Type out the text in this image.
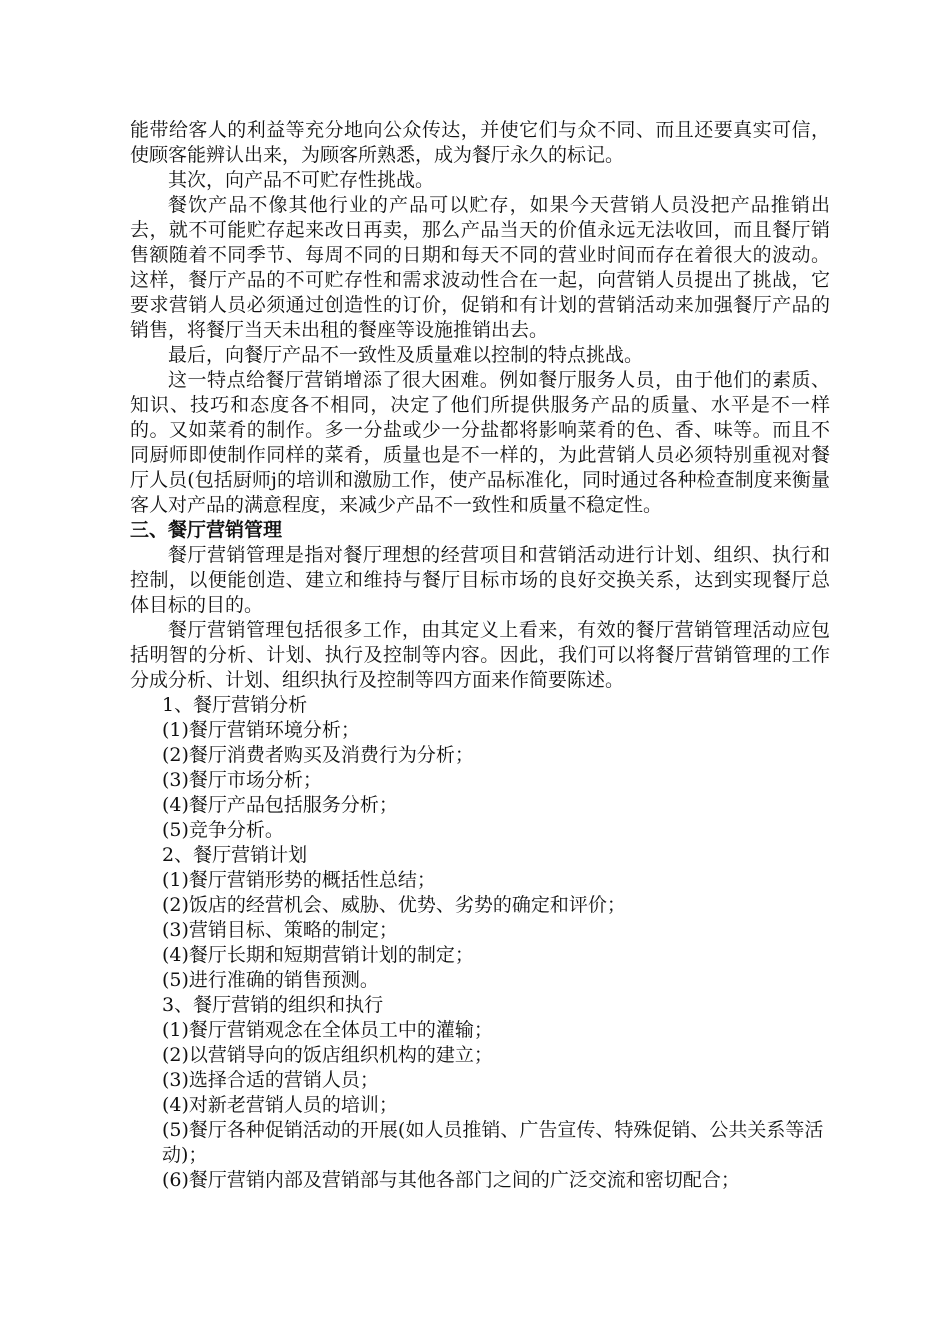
能带给客人的利益等充分地向公众传达，并使它们与众不同、而且还要真实可信，使顾客能辨认出来，为顾客所熟悉，成为餐厅永久的标记。

其次，向产品不可贮存性挑战。

餐饮产品不像其他行业的产品可以贮存，如果今天营销人员没把产品推销出去，就不可能贮存起来改日再卖，那么产品当天的价值永远无法收回，而且餐厅销售额随着不同季节、每周不同的日期和每天不同的营业时间而存在着很大的波动。这样，餐厅产品的不可贮存性和需求波动性合在一起，向营销人员提出了挑战，它要求营销人员必须通过创造性的订价，促销和有计划的营销活动来加强餐厅产品的销售，将餐厅当天未出租的餐座等设施推销出去。

最后，向餐厅产品不一致性及质量难以控制的特点挑战。

这一特点给餐厅营销增添了很大困难。例如餐厅服务人员，由于他们的素质、知识、技巧和态度各不相同，决定了他们所提供服务产品的质量、水平是不一样的。又如菜肴的制作。多一分盐或少一分盐都将影响菜肴的色、香、味等。而且不同厨师即使制作同样的菜肴，质量也是不一样的，为此营销人员必须特别重视对餐厅人员(包括厨师j的培训和激励工作，使产品标准化，同时通过各种检查制度来衡量客人对产品的满意程度，来减少产品不一致性和质量不稳定性。

三、餐厅营销管理

餐厅营销管理是指对餐厅理想的经营项目和营销活动进行计划、组织、执行和控制，以便能创造、建立和维持与餐厅目标市场的良好交换关系，达到实现餐厅总体目标的目的。

餐厅营销管理包括很多工作，由其定义上看来，有效的餐厅营销管理活动应包括明智的分析、计划、执行及控制等内容。因此，我们可以将餐厅营销管理的工作分成分析、计划、组织执行及控制等四方面来作简要陈述。

1、餐厅营销分析

(1)餐厅营销环境分析；

(2)餐厅消费者购买及消费行为分析；

(3)餐厅市场分析；

(4)餐厅产品包括服务分析；

(5)竞争分析。

2、餐厅营销计划

(1)餐厅营销形势的概括性总结；

(2)饭店的经营机会、威胁、优势、劣势的确定和评价；

(3)营销目标、策略的制定；

(4)餐厅长期和短期营销计划的制定；

(5)进行准确的销售预测。

3、餐厅营销的组织和执行

(1)餐厅营销观念在全体员工中的灌输；

(2)以营销导向的饭店组织机构的建立；

(3)选择合适的营销人员；

(4)对新老营销人员的培训；

(5)餐厅各种促销活动的开展(如人员推销、广告宣传、特殊促销、公共关系等活动)；

(6)餐厅营销内部及营销部与其他各部门之间的广泛交流和密切配合；
